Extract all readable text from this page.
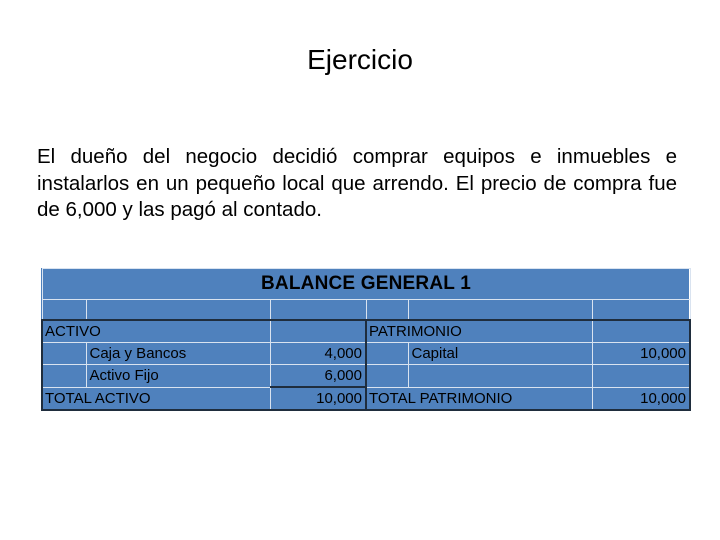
Ejercicio

El dueño del negocio decidió comprar equipos e inmuebles e instalarlos en un pequeño local que arrendo. El precio de compra fue de 6,000 y las pagó al contado.

BALANCE GENERAL 1					

ACTIVO			PATRIMONIO		
	Caja y Bancos	4,000		Capital	10,000
	Activo Fijo	6,000			
TOTAL ACTIVO		10,000	TOTAL PATRIMONIO		10,000
